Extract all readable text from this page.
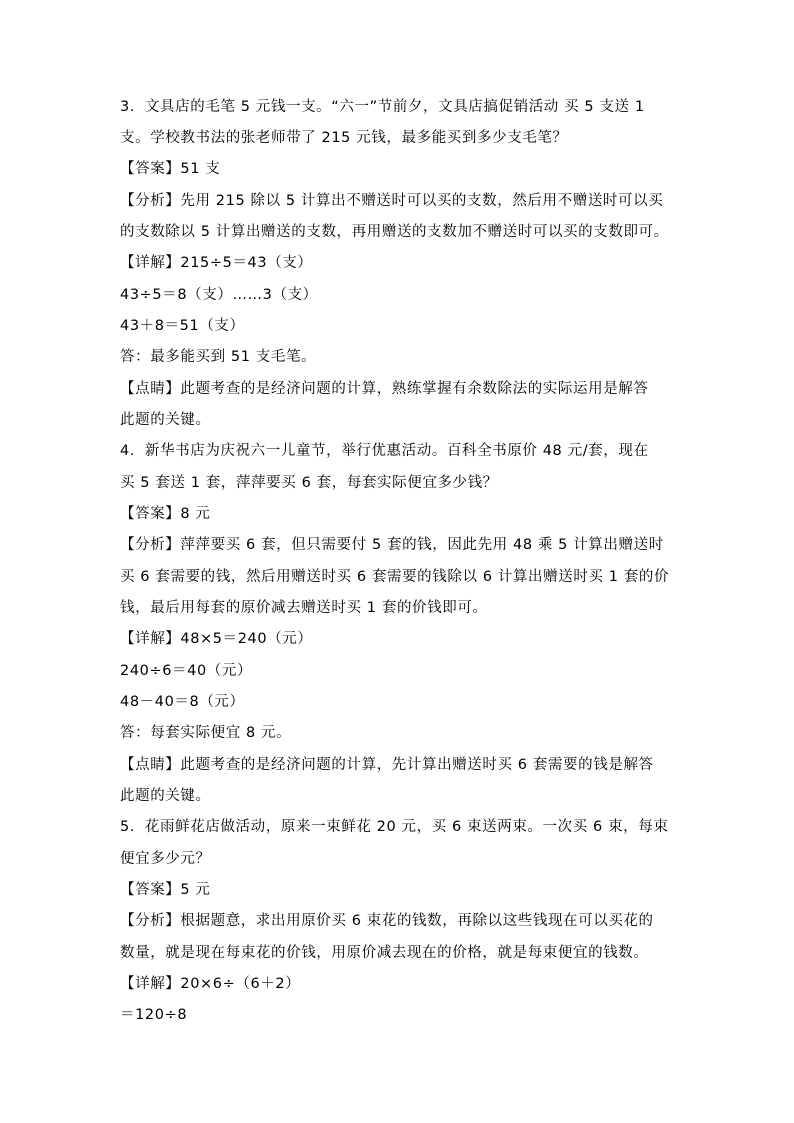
3．文具店的毛笔 5 元钱一支。“六一”节前夕，文具店搞促销活动 买 5 支送 1
支。学校教书法的张老师带了 215 元钱，最多能买到多少支毛笔？
【答案】51 支
【分析】先用 215 除以 5 计算出不赠送时可以买的支数，然后用不赠送时可以买
的支数除以 5 计算出赠送的支数，再用赠送的支数加不赠送时可以买的支数即可。
【详解】215÷5＝43（支）
43÷5＝8（支）……3（支）
43＋8＝51（支）
答：最多能买到 51 支毛笔。
【点睛】此题考查的是经济问题的计算，熟练掌握有余数除法的实际运用是解答
此题的关键。
4．新华书店为庆祝六一儿童节，举行优惠活动。百科全书原价 48 元/套，现在
买 5 套送 1 套，萍萍要买 6 套，每套实际便宜多少钱？
【答案】8 元
【分析】萍萍要买 6 套，但只需要付 5 套的钱，因此先用 48 乘 5 计算出赠送时
买 6 套需要的钱，然后用赠送时买 6 套需要的钱除以 6 计算出赠送时买 1 套的价
钱，最后用每套的原价减去赠送时买 1 套的价钱即可。
【详解】48×5＝240（元）
240÷6＝40（元）
48－40＝8（元）
答：每套实际便宜 8 元。
【点睛】此题考查的是经济问题的计算，先计算出赠送时买 6 套需要的钱是解答
此题的关键。
5．花雨鲜花店做活动，原来一束鲜花 20 元，买 6 束送两束。一次买 6 束，每束
便宜多少元？
【答案】5 元
【分析】根据题意，求出用原价买 6 束花的钱数，再除以这些钱现在可以买花的
数量，就是现在每束花的价钱，用原价减去现在的价格，就是每束便宜的钱数。
【详解】20×6÷（6＋2）
＝120÷8
